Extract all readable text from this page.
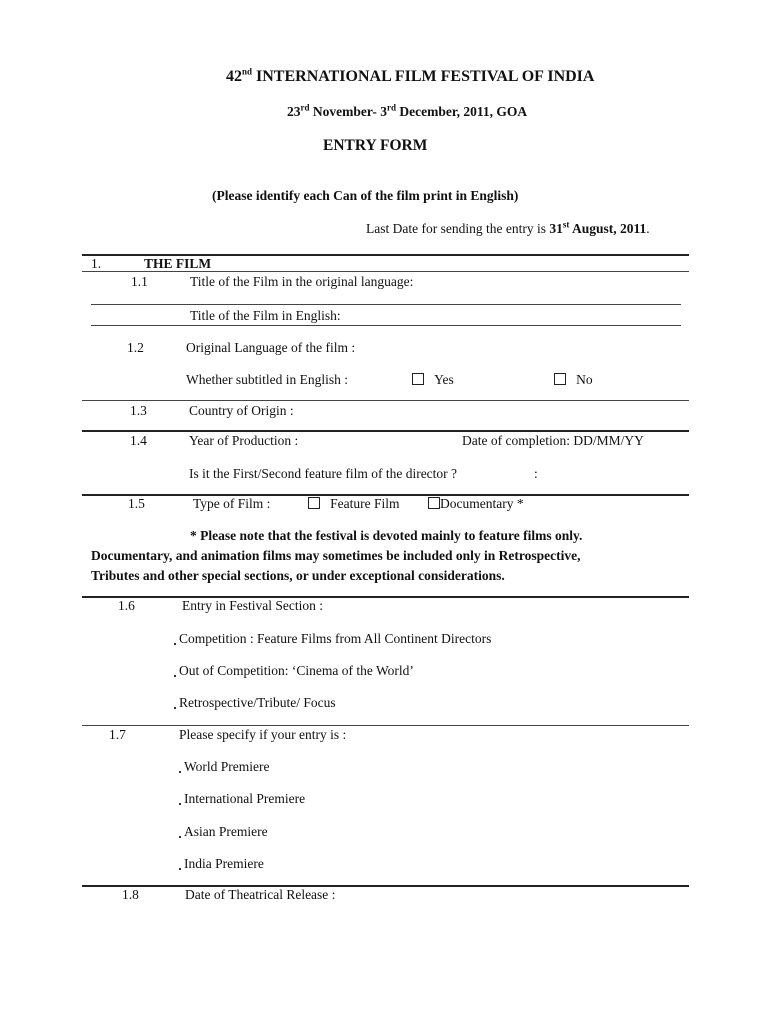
42nd INTERNATIONAL FILM FESTIVAL OF INDIA
23rd November- 3rd December, 2011, GOA
ENTRY FORM
(Please identify each Can of the film print in English)
Last Date for sending the entry is 31st August, 2011.
1.	THE FILM
1.1	Title of the Film in the original language:
Title of the Film in English:
1.2	Original Language of the film :
Whether subtitled in English :	Yes	No
1.3	Country of Origin :
1.4	Year of Production :	Date of completion: DD/MM/YY
Is it the First/Second feature film of the director ?	:
1.5	Type of Film :	Feature Film	Documentary *
* Please note that the festival is devoted mainly to feature films only.
Documentary, and animation films may sometimes be included only in Retrospective,
Tributes and other special sections, or under exceptional considerations.
1.6	Entry in Festival Section :
Competition : Feature Films from All Continent Directors
Out of Competition: ‘Cinema of the World’
Retrospective/Tribute/ Focus
1.7	Please specify if your entry is :
World Premiere
International Premiere
Asian Premiere
India Premiere
1.8	Date of Theatrical Release :
